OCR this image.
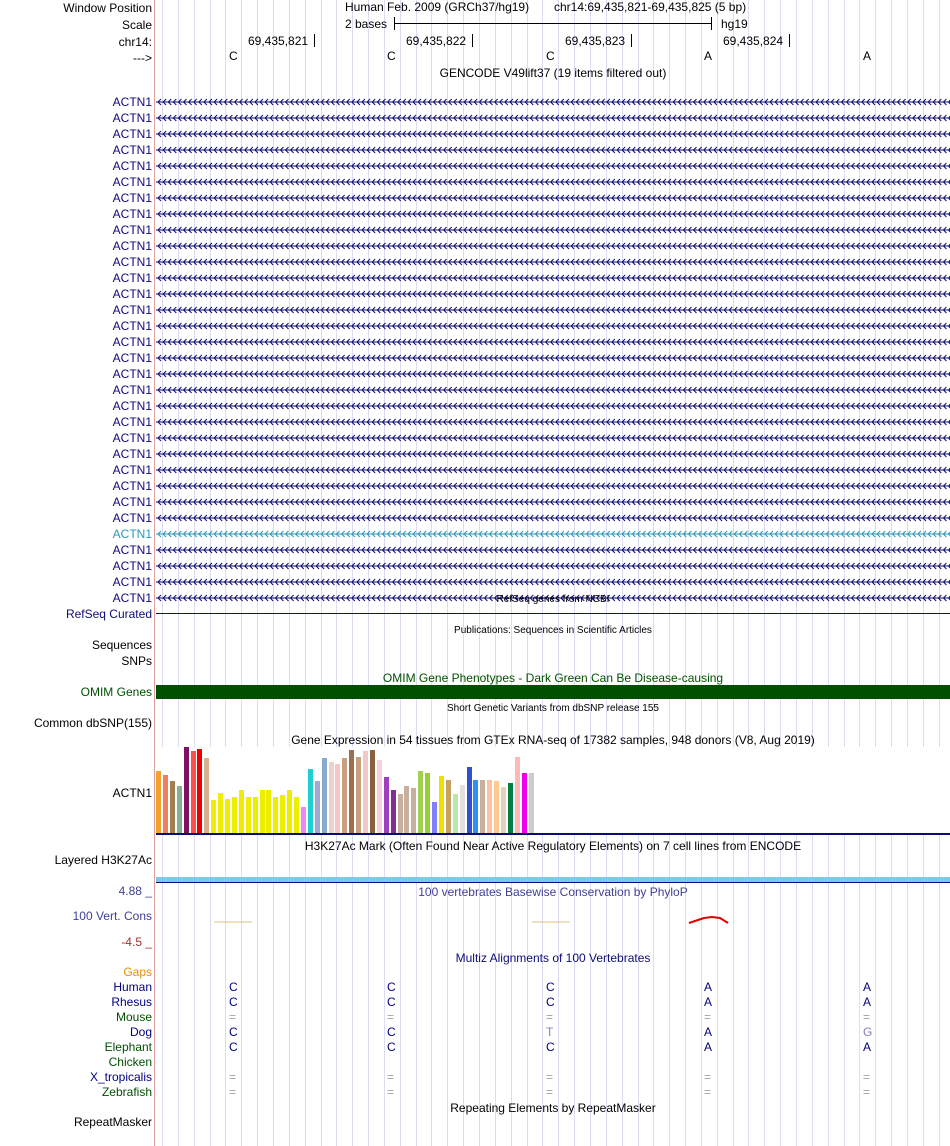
Window Position
Scale
chr14:
--->
Human Feb. 2009 (GRCh37/hg19) chr14:69,435,821-69,435,825 (5 bp)
2 bases	hg19
69,435,821	69,435,822	69,435,823	69,435,824
C	C	C	A	A
GENCODE V49lift37 (19 items filtered out)
ACTN1
ACTN1
ACTN1
ACTN1
ACTN1
ACTN1
ACTN1
ACTN1
ACTN1
ACTN1
ACTN1
ACTN1
ACTN1
ACTN1
ACTN1
ACTN1
ACTN1
ACTN1
ACTN1
ACTN1
ACTN1
ACTN1
ACTN1
ACTN1
ACTN1
ACTN1
ACTN1
ACTN1
ACTN1
ACTN1
ACTN1
ACTN1	RefSeq genes from NCBI
RefSeq Curated
Publications: Sequences in Scientific Articles
Sequences
SNPs
OMIM Gene Phenotypes - Dark Green Can Be Disease-causing
OMIM Genes
Short Genetic Variants from dbSNP release 155
Common dbSNP(155)
Gene Expression in 54 tissues from GTEx RNA-seq of 17382 samples, 948 donors (V8, Aug 2019)
ACTN1
H3K27Ac Mark (Often Found Near Active Regulatory Elements) on 7 cell lines from ENCODE
Layered H3K27Ac
100 vertebrates Basewise Conservation by PhyloP
4.88 _
100 Vert. Cons
-4.5 _
Multiz Alignments of 100 Vertebrates
Gaps
Human	C	C	C	A	A
Rhesus	C	C	C	A	A
Mouse	=	=	=	=	=
Dog	C	C	T	A	G
Elephant	C	C	C	A	A
Chicken
X_tropicalis	=	=	=	=	=
Zebrafish	=	=	=	=	=
Repeating Elements by RepeatMasker
RepeatMasker
